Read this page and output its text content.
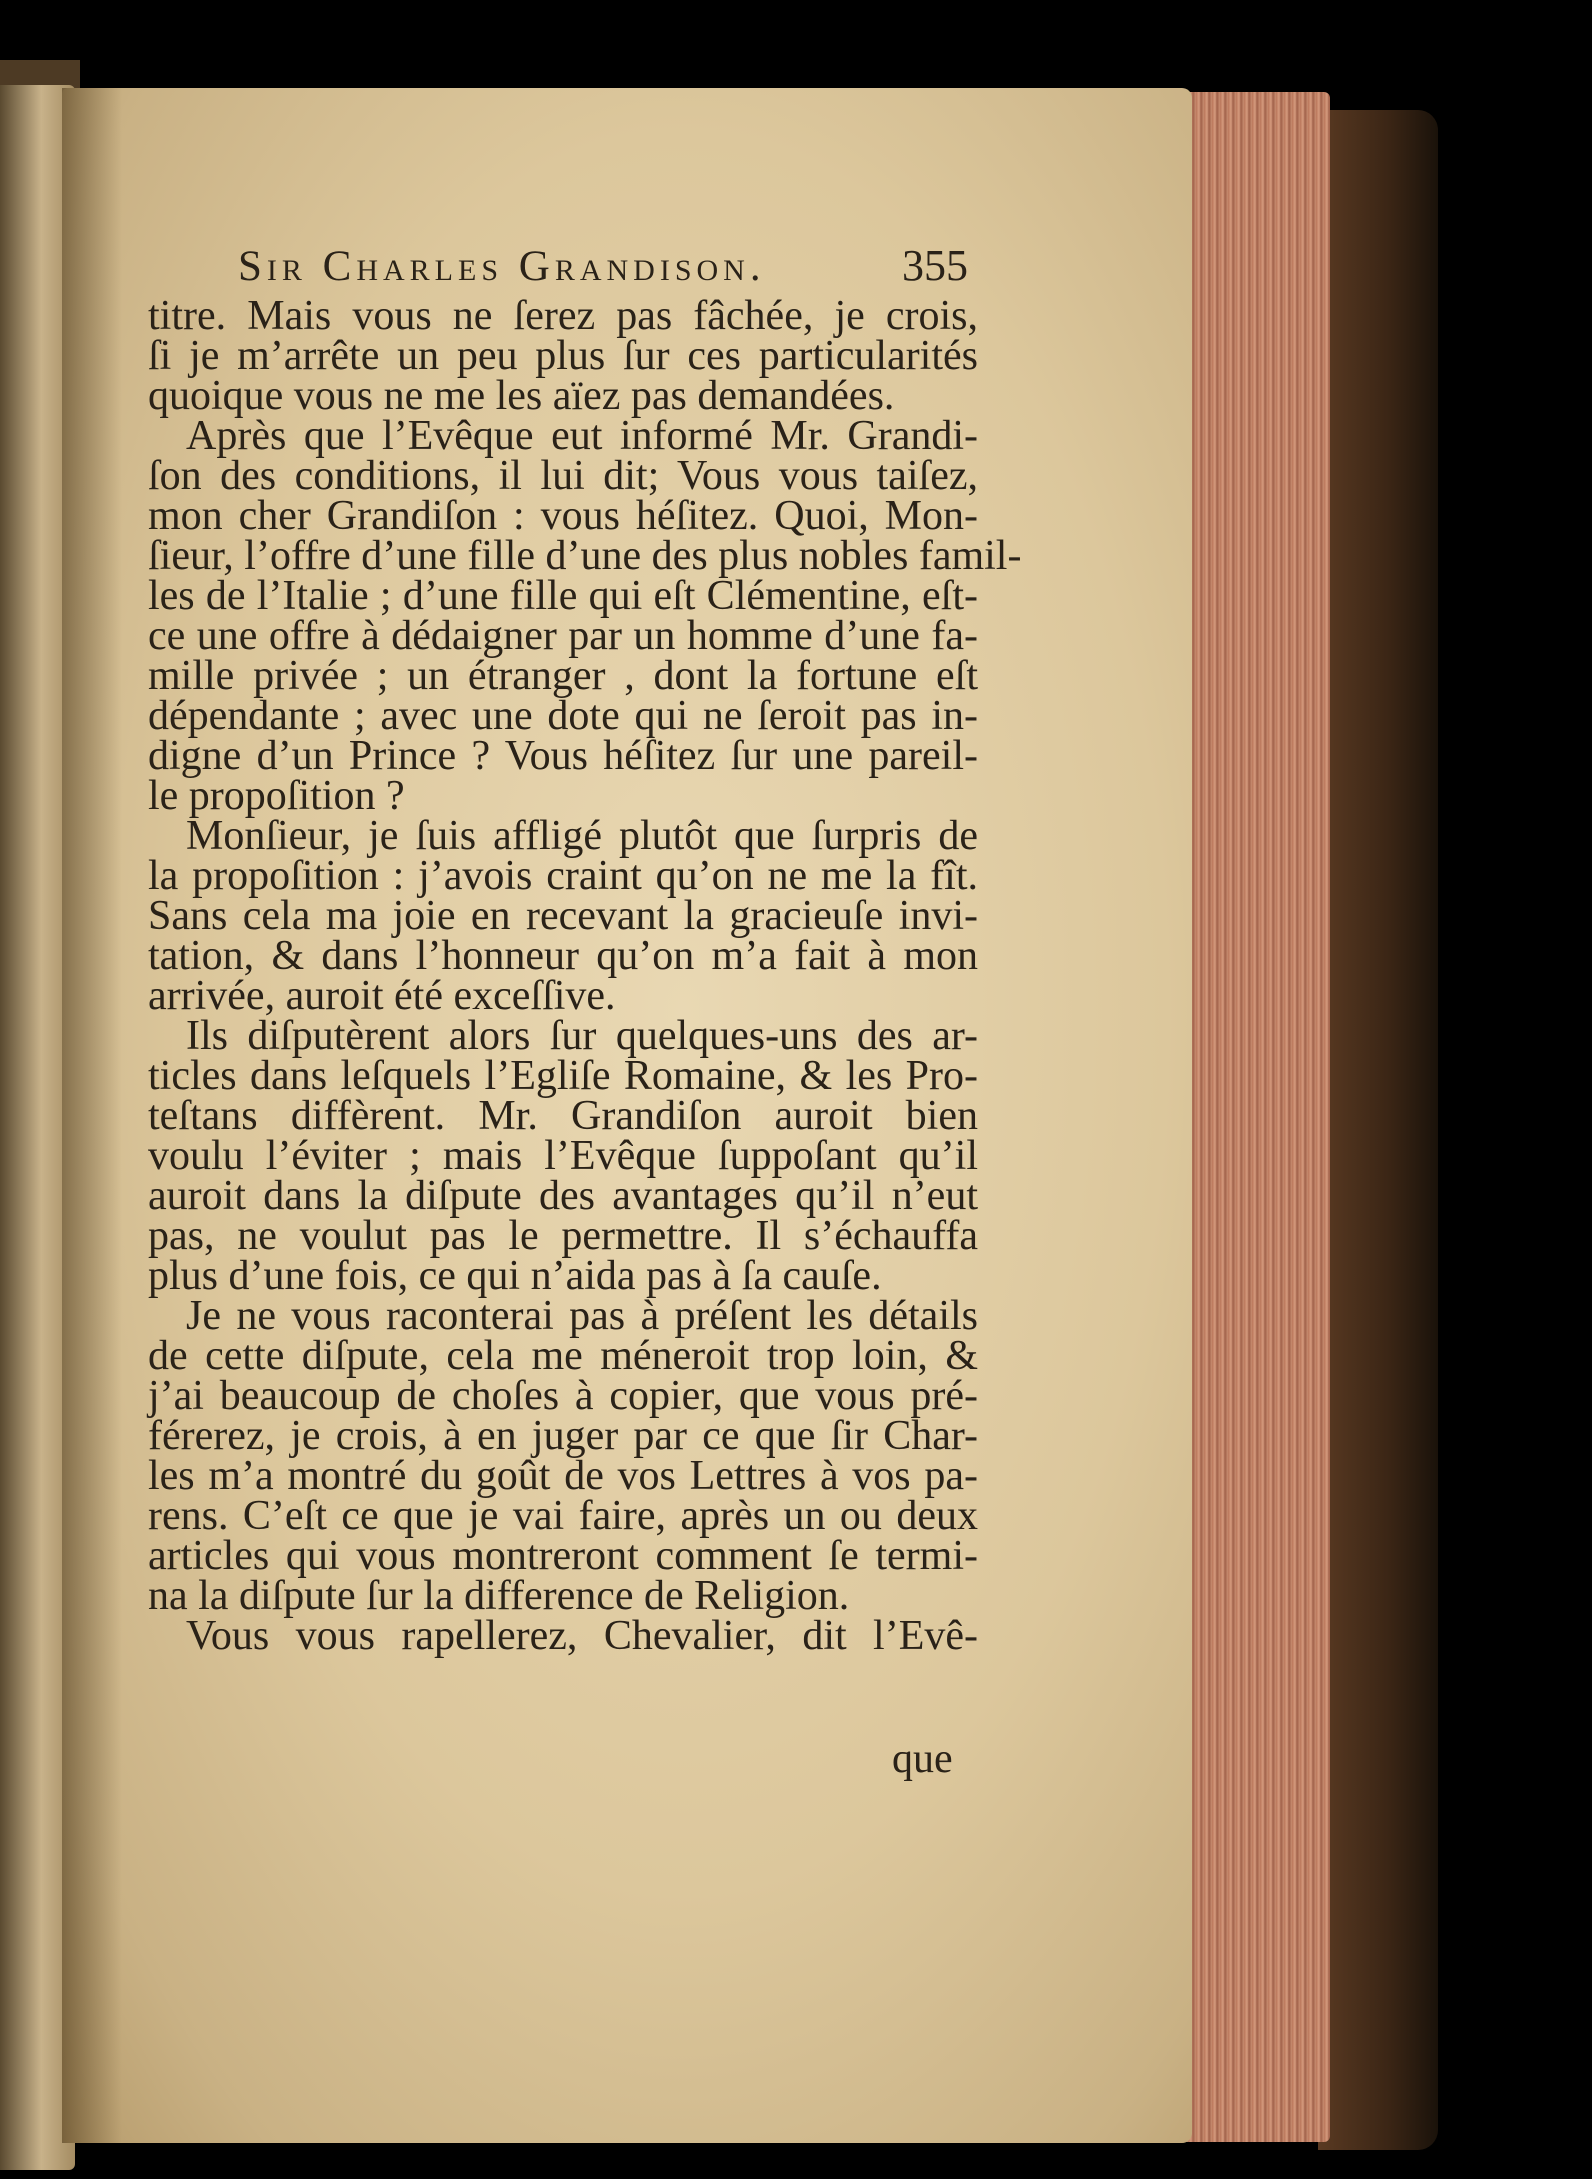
Sir Charles Grandison.	355
titre. Mais vous ne ſerez pas fâchée, je crois,
ſi je m’arrête un peu plus ſur ces particularités
quoique vous ne me les aïez pas demandées.
Après que l’Evêque eut informé Mr. Grandi-
ſon des conditions, il lui dit; Vous vous taiſez,
mon cher Grandiſon : vous héſitez. Quoi, Mon-
ſieur, l’offre d’une fille d’une des plus nobles famil-
les de l’Italie ; d’une fille qui eſt Clémentine, eſt-
ce une offre à dédaigner par un homme d’une fa-
mille privée ; un étranger , dont la fortune eſt
dépendante ; avec une dote qui ne ſeroit pas in-
digne d’un Prince ? Vous héſitez ſur une pareil-
le propoſition ?
Monſieur, je ſuis affligé plutôt que ſurpris de
la propoſition : j’avois craint qu’on ne me la fît.
Sans cela ma joie en recevant la gracieuſe invi-
tation, & dans l’honneur qu’on m’a fait à mon
arrivée, auroit été exceſſive.
Ils diſputèrent alors ſur quelques-uns des ar-
ticles dans leſquels l’Egliſe Romaine, & les Pro-
teſtans diffèrent. Mr. Grandiſon auroit bien
voulu l’éviter ; mais l’Evêque ſuppoſant qu’il
auroit dans la diſpute des avantages qu’il n’eut
pas, ne voulut pas le permettre. Il s’échauffa
plus d’une fois, ce qui n’aida pas à ſa cauſe.
Je ne vous raconterai pas à préſent les détails
de cette diſpute, cela me méneroit trop loin, &
j’ai beaucoup de choſes à copier, que vous pré-
férerez, je crois, à en juger par ce que ſir Char-
les m’a montré du goût de vos Lettres à vos pa-
rens. C’eſt ce que je vai faire, après un ou deux
articles qui vous montreront comment ſe termi-
na la diſpute ſur la difference de Religion.
Vous vous rapellerez, Chevalier, dit l’Evê-
que
